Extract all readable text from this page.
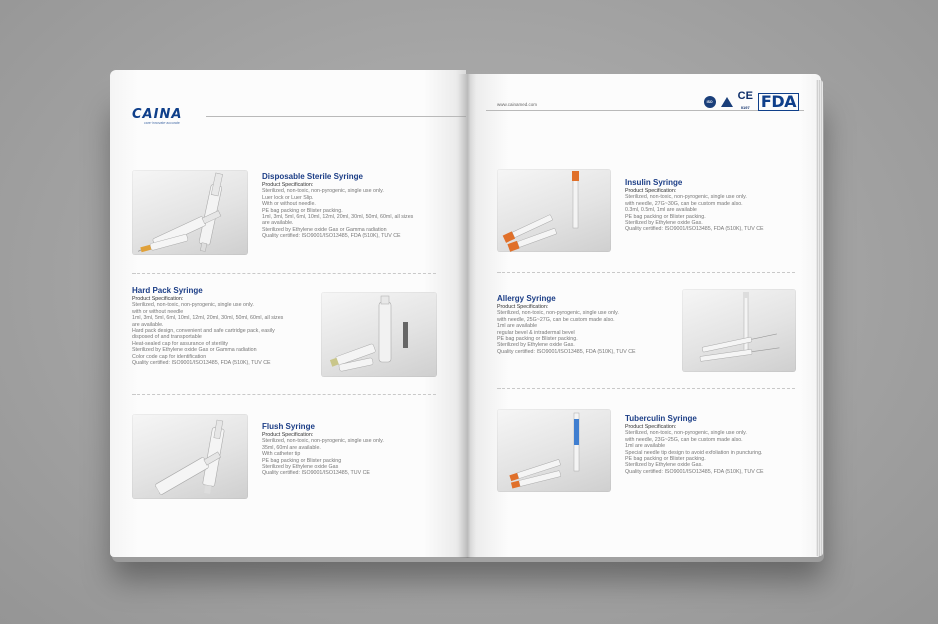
CAINA
care·innovate·accurate
Disposable Sterile Syringe
Product Specification:
Sterilized, non-toxic, non-pyrogenic, single use only.
Luer lock or Luer Slip.
With or without needle.
PE bag packing or Blister packing.
1ml, 3ml, 5ml, 6ml, 10ml, 12ml, 20ml, 30ml, 50ml, 60ml, all sizes
are available.
Sterilized by Ethylene oxide Gas or Gamma radiation
Quality certified: ISO9001/ISO13485, FDA (510K), TUV CE
Hard Pack Syringe
Product Specification:
Sterilized, non-toxic, non-pyrogenic, single use only.
with or without needle
1ml, 3ml, 5ml, 6ml, 10ml, 12ml, 20ml, 30ml, 50ml, 60ml, all sizes
are available.
Hard pack design, convenient and safe cartridge pack, easily
disposed of and transportable
Heat-sealed cap for assurance of sterility
Sterilized by Ethylene oxide Gas or Gamma radiation
Color code cap for identification
Quality certified: ISO9001/ISO13485, FDA (510K), TUV CE
Flush Syringe
Product Specification:
Sterilized, non-toxic, non-pyrogenic, single use only.
35ml, 60ml are available.
With catheter tip
PE bag packing or Blister packing
Sterilized by Ethylene oxide Gas
Quality certified: ISO9001/ISO13485, TUV CE
www.cainamed.com	ISO CE
0197 FDA
Insulin Syringe
Product Specification:
Sterilized, non-toxic, non-pyrogenic, single use only.
with needle, 27G~30G, can be custom made also.
0.3ml, 0.5ml, 1ml are available
PE bag packing or Blister packing.
Sterilized by Ethylene oxide Gas.
Quality certified: ISO9001/ISO13485, FDA (510K), TUV CE
Allergy Syringe
Product Specification:
Sterilized, non-toxic, non-pyrogenic, single use only.
with needle, 25G~27G, can be custom made also.
1ml are available
regular bevel & intradermal bevel
PE bag packing or Blister packing.
Sterilized by Ethylene oxide Gas.
Quality certified: ISO9001/ISO13485, FDA (510K), TUV CE
Tuberculin Syringe
Product Specification:
Sterilized, non-toxic, non-pyrogenic, single use only.
with needle, 23G~25G, can be custom made also.
1ml are available
Special needle tip design to avoid exfoliation in puncturing.
PE bag packing or Blister packing.
Sterilized by Ethylene oxide Gas.
Quality certified: ISO9001/ISO13485, FDA (510K), TUV CE
